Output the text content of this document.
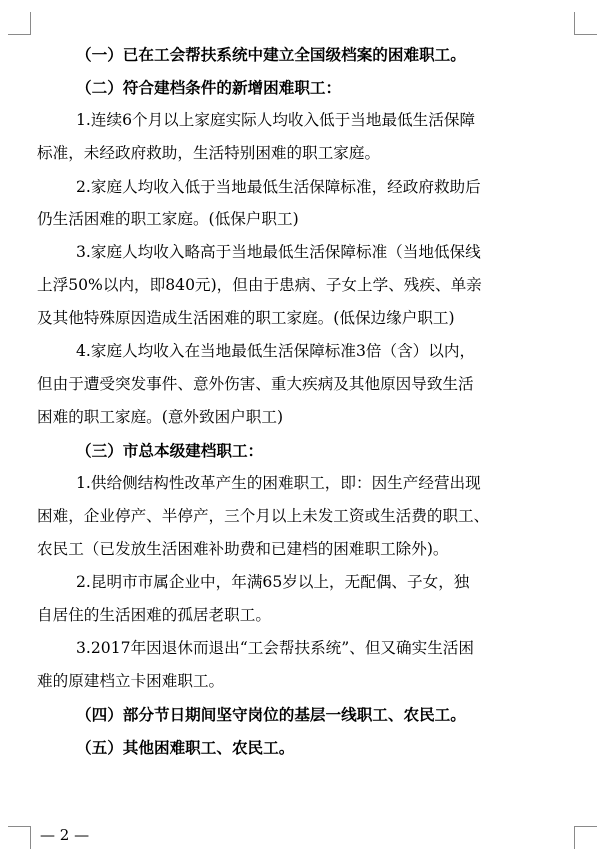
（一）已在工会帮扶系统中建立全国级档案的困难职工。
（二）符合建档条件的新增困难职工：
1.连续6个月以上家庭实际人均收入低于当地最低生活保障
标准，未经政府救助，生活特别困难的职工家庭。
2.家庭人均收入低于当地最低生活保障标准，经政府救助后
仍生活困难的职工家庭。(低保户职工)
3.家庭人均收入略高于当地最低生活保障标准（当地低保线
上浮50%以内，即840元)，但由于患病、子女上学、残疾、单亲
及其他特殊原因造成生活困难的职工家庭。(低保边缘户职工)
4.家庭人均收入在当地最低生活保障标准3倍（含）以内，
但由于遭受突发事件、意外伤害、重大疾病及其他原因导致生活
困难的职工家庭。(意外致困户职工)
（三）市总本级建档职工：
1.供给侧结构性改革产生的困难职工，即：因生产经营出现
困难，企业停产、半停产，三个月以上未发工资或生活费的职工、
农民工（已发放生活困难补助费和已建档的困难职工除外)。
2.昆明市市属企业中，年满65岁以上，无配偶、子女，独
自居住的生活困难的孤居老职工。
3.2017年因退休而退出“工会帮扶系统”、但又确实生活困
难的原建档立卡困难职工。
（四）部分节日期间坚守岗位的基层一线职工、农民工。
（五）其他困难职工、农民工。
— 2 —
